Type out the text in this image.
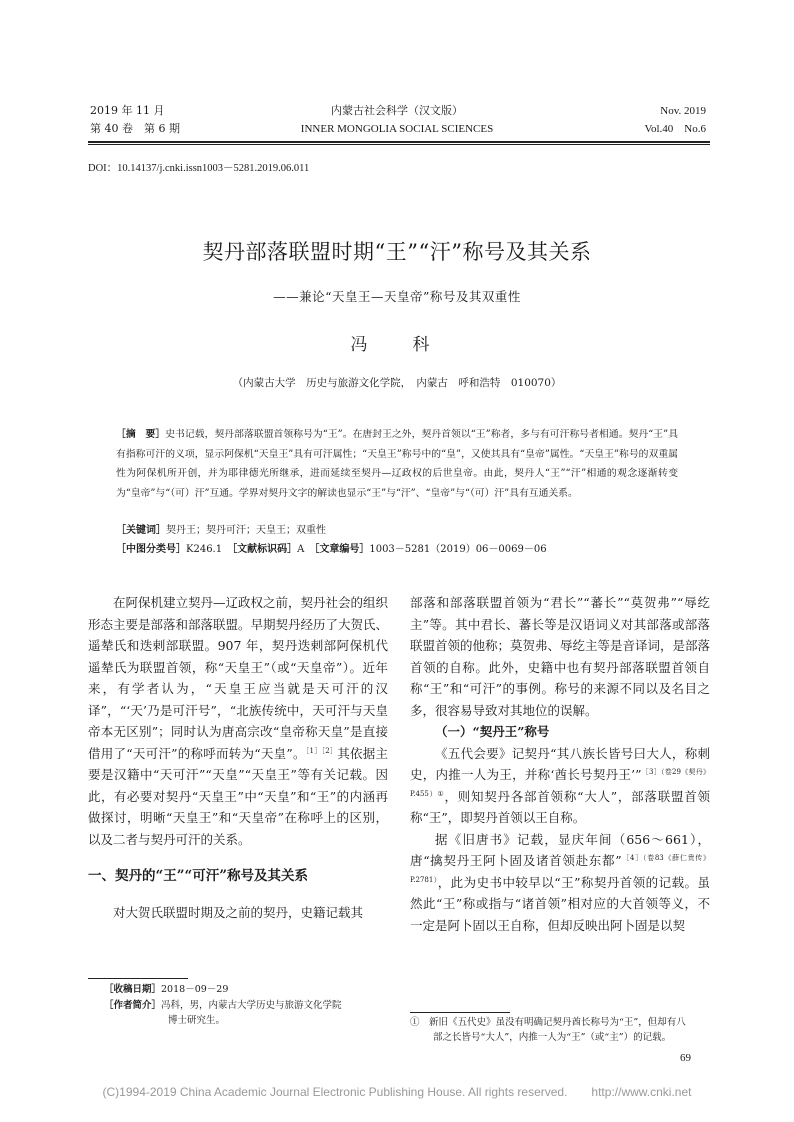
2019 年 11 月
第 40 卷　第 6 期
内蒙古社会科学（汉文版）
INNER MONGOLIA SOCIAL SCIENCES
Nov. 2019
Vol.40　No.6
DOI：10.14137/j.cnki.issn1003－5281.2019.06.011
契丹部落联盟时期“王”“汗”称号及其关系
——兼论“天皇王—天皇帝”称号及其双重性
冯　科
（内蒙古大学　历史与旅游文化学院，　内蒙古　呼和浩特　010070）
［摘　要］史书记载，契丹部落联盟首领称号为“王”。在唐封王之外，契丹首领以“王”称者，多与有可汗称号者相通。契丹“王”具有指称可汗的义项，显示阿保机“天皇王”具有可汗属性；“天皇王”称号中的“皇”，又使其具有“皇帝”属性。“天皇王”称号的双重属性为阿保机所开创，并为耶律德光所继承，进而延续至契丹—辽政权的后世皇帝。由此，契丹人“王”“汗”相通的观念逐渐转变为“皇帝”与“（可）汗”互通。学界对契丹文字的解读也显示“王”与“汗”、“皇帝”与“（可）汗”具有互通关系。
［关键词］契丹王；契丹可汗；天皇王；双重性
［中图分类号］K246.1　 ［文献标识码］A　 ［文章编号］1003－5281（2019）06－0069－06

在阿保机建立契丹—辽政权之前，契丹社会的组织形态主要是部落和部落联盟。早期契丹经历了大贺氏、遥辇氏和迭剌部联盟。907 年，契丹迭剌部阿保机代遥辇氏为联盟首领，称“天皇王”（或“天皇帝”）。近年来，有学者认为，“天皇王应当就是天可汗的汉译”，“‘天’乃是可汗号”，“北族传统中，天可汗与天皇帝本无区别”；同时认为唐高宗改“皇帝称天皇”是直接借用了“天可汗”的称呼而转为“天皇”。$^{[1][2]}$其依据主要是汉籍中“天可汗”“天皇”“天皇王”等有关记载。因此，有必要对契丹“天皇王”中“天皇”和“王”的内涵再做探讨，明晰“天皇王”和“天皇帝”在称呼上的区别，以及二者与契丹可汗的关系。

一、契丹的“王”“可汗”称号及其关系

对大贺氏联盟时期及之前的契丹，史籍记载其

［收稿日期］2018－09－29
［作者简介］冯科，男，内蒙古大学历史与旅游文化学院
博士研究生。

部落和部落联盟首领为“君长”“蕃长”“莫贺弗”“辱纥主”等。其中君长、蕃长等是汉语词义对其部落或部落联盟首领的他称；莫贺弗、辱纥主等是音译词，是部落首领的自称。此外，史籍中也有契丹部落联盟首领自称“王”和“可汗”的事例。称号的来源不同以及名目之多，很容易导致对其地位的误解。

（一）“契丹王”称号

《五代会要》记契丹“其八族长皆号曰大人，称刺史，内推一人为王，并称‘酋长号契丹王’”$^{[3](卷29《契丹》P.455)①}$，则知契丹各部首领称“大人”，部落联盟首领称“王”，即契丹首领以王自称。

据《旧唐书》记载，显庆年间（656～661），唐“擒契丹王阿卜固及诸首领赴东都”$^{[4](卷83《薛仁贵传》P.2781)}$，此为史书中较早以“王”称契丹首领的记载。虽然此“王”称或指与“诸首领”相对应的大首领等义，不一定是阿卜固以王自称，但却反映出阿卜固是以契

①　 新旧《五代史》虽没有明确记契丹酋长称号为“王”，但却有八
部之长皆号“大人”，内推一人为“王”（或“主”）的记载。
69
(C)1994-2019 China Academic Journal Electronic Publishing House. All rights reserved.　　http://www.cnki.net
